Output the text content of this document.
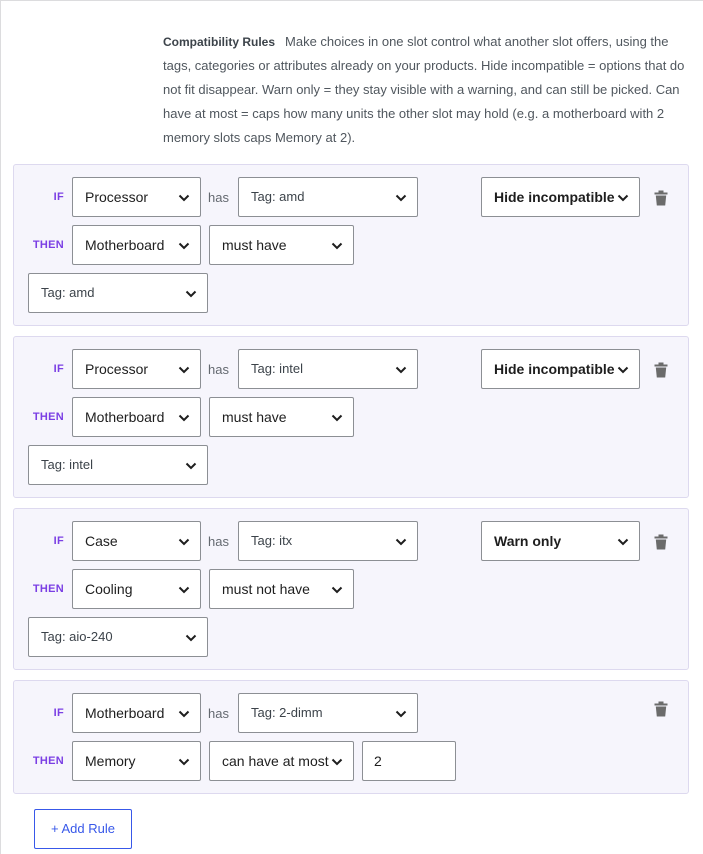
Compatibility Rules Make choices in one slot control what another slot offers, using the tags, categories or attributes already on your products. Hide incompatible = options that do not fit disappear. Warn only = they stay visible with a warning, and can still be picked. Can have at most = caps how many units the other slot may hold (e.g. a motherboard with 2 memory slots caps Memory at 2).
IF Processor	has Tag: amd	Hide incompatible
THEN Motherboard	must have
Tag: amd
IF Processor	has Tag: intel	Hide incompatible
THEN Motherboard	must have
Tag: intel
IF Case	has Tag: itx	Warn only
THEN Cooling	must not have
Tag: aio-240
IF Motherboard	has Tag: 2-dimm
THEN Memory	can have at most	2
+ Add Rule
